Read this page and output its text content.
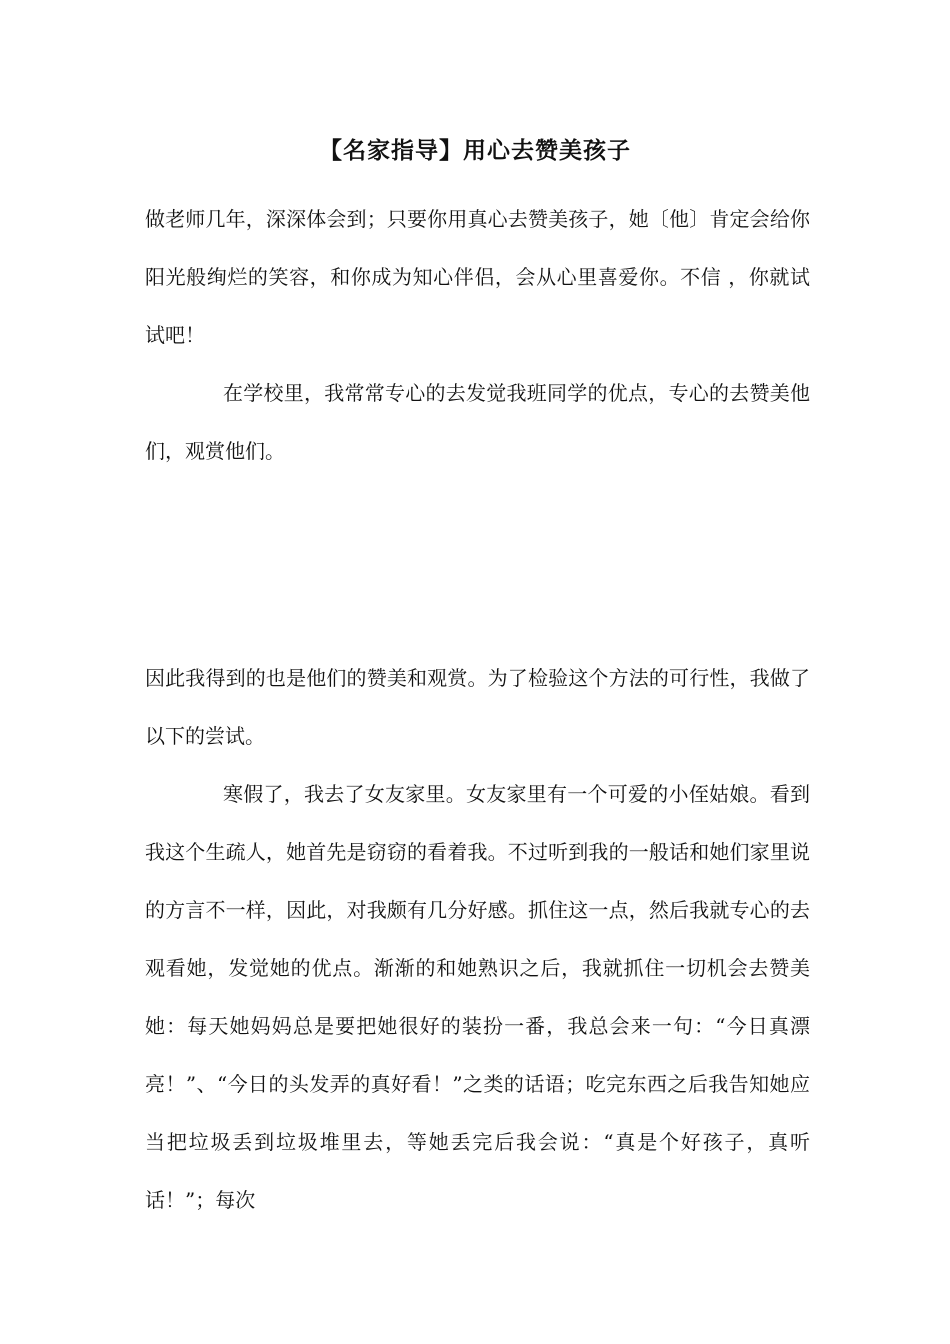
【名家指导】用心去赞美孩子

做老师几年，深深体会到；只要你用真心去赞美孩子，她〔他〕肯定会给你阳光般绚烂的笑容，和你成为知心伴侣，会从心里喜爱你。不信 ，你就试试吧！

在学校里，我常常专心的去发觉我班同学的优点，专心的去赞美他们，观赏他们。

因此我得到的也是他们的赞美和观赏。为了检验这个方法的可行性，我做了以下的尝试。

寒假了，我去了女友家里。女友家里有一个可爱的小侄姑娘。看到我这个生疏人，她首先是窃窃的看着我。不过听到我的一般话和她们家里说的方言不一样，因此，对我颇有几分好感。抓住这一点，然后我就专心的去观看她，发觉她的优点。渐渐的和她熟识之后，我就抓住一切机会去赞美她：每天她妈妈总是要把她很好的装扮一番，我总会来一句：“今日真漂亮！”、“今日的头发弄的真好看！”之类的话语；吃完东西之后我告知她应当把垃圾丢到垃圾堆里去，等她丢完后我会说：“真是个好孩子，真听话！”；每次
